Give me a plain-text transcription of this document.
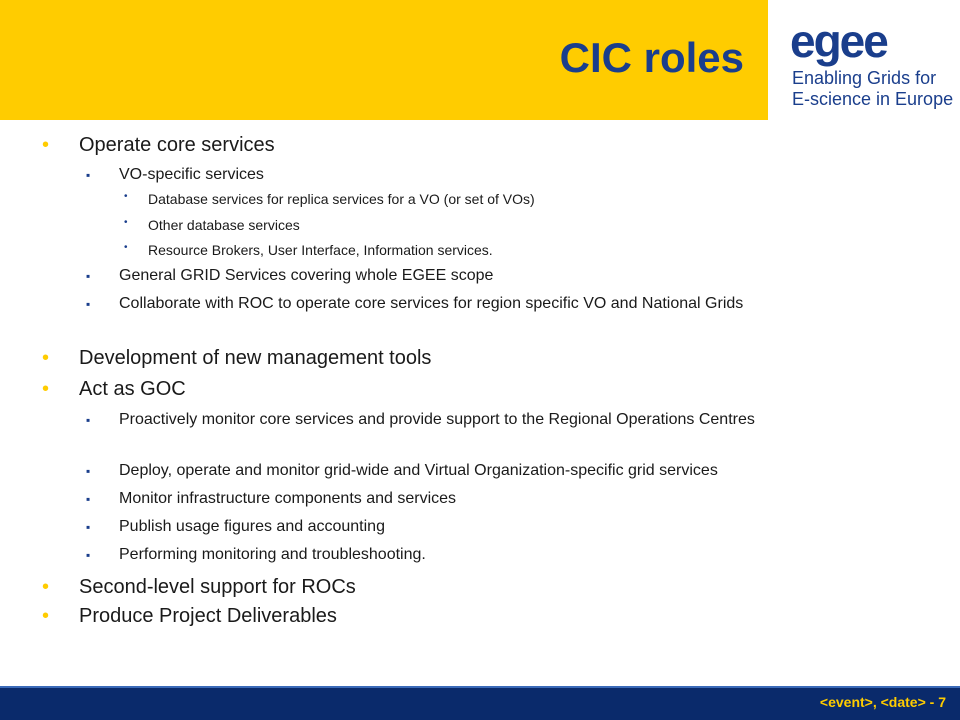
CIC roles egee
Enabling Grids for
E-science in Europe
• Operate core services
▪ VO-specific services
• Database services for replica services for a VO (or set of VOs)
• Other database services
• Resource Brokers, User Interface, Information services.
▪ General GRID Services covering whole EGEE scope
▪ Collaborate with ROC to operate core services for region specific VO and National Grids
• Development of new management tools
• Act as GOC
▪ Proactively monitor core services and provide support to the Regional Operations Centres
▪ Deploy, operate and monitor grid-wide and Virtual Organization-specific grid services
▪ Monitor infrastructure components and services
▪ Publish usage figures and accounting
▪ Performing monitoring and troubleshooting.
• Second-level support for ROCs
• Produce Project Deliverables
<event>, <date> - 7
